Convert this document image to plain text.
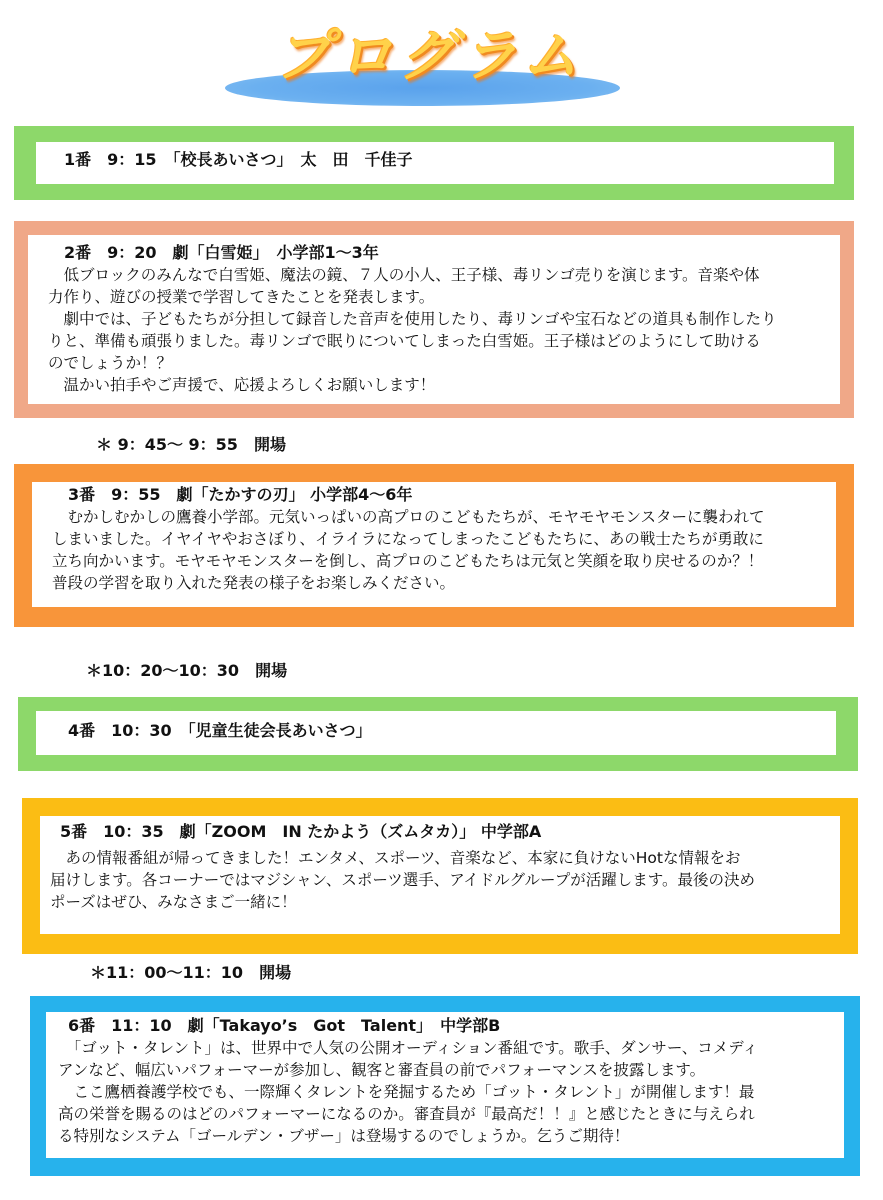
プログラム
1番　9：15　「校長あいさつ」　太　田　千佳子
2番　9：20　劇「白雪姫」　小学部1～3年

　低ブロックのみんなで白雪姫、魔法の鏡、７人の小人、王子様、毒リンゴ売りを演じます。音楽や体
力作り、遊びの授業で学習してきたことを発表します。
　劇中では、子どもたちが分担して録音した音声を使用したり、毒リンゴや宝石などの道具も制作したり
りと、準備も頑張りました。毒リンゴで眠りについてしまった白雪姫。王子様はどのようにして助ける
のでしょうか！？
　温かい拍手やご声援で、応援よろしくお願いします！

＊ 9：45～ 9：55　開場
3番　9：55　劇「たかすの刃」 小学部4～6年

　むかしむかしの鷹養小学部。元気いっぱいの高プロのこどもたちが、モヤモヤモンスターに襲われて
しまいました。イヤイヤやおさぼり、イライラになってしまったこどもたちに、あの戦士たちが勇敢に
立ち向かいます。モヤモヤモンスターを倒し、高プロのこどもたちは元気と笑顔を取り戻せるのか？！
普段の学習を取り入れた発表の様子をお楽しみください。

＊10：20～10：30　開場
4番　10：30　「児童生徒会長あいさつ」
5番　10：35　劇「ZOOM　IN たかよう（ズムタカ）」 中学部A

　あの情報番組が帰ってきました！エンタメ、スポーツ、音楽など、本家に負けないHotな情報をお
届けします。各コーナーではマジシャン、スポーツ選手、アイドルグループが活躍します。最後の決め
ポーズはぜひ、みなさまご一緒に！

＊11：00～11：10　開場
6番　11：10　劇「Takayo’s　Got　Talent」　中学部B

　「ゴット・タレント」は、世界中で人気の公開オーディション番組です。歌手、ダンサー、コメディ
アンなど、幅広いパフォーマーが参加し、観客と審査員の前でパフォーマンスを披露します。
　ここ鷹栖養護学校でも、一際輝くタレントを発掘するため「ゴット・タレント」が開催します！最
高の栄誉を賜るのはどのパフォーマーになるのか。審査員が『最高だ！！』と感じたときに与えられ
る特別なシステム「ゴールデン・ブザー」は登場するのでしょうか。乞うご期待！
